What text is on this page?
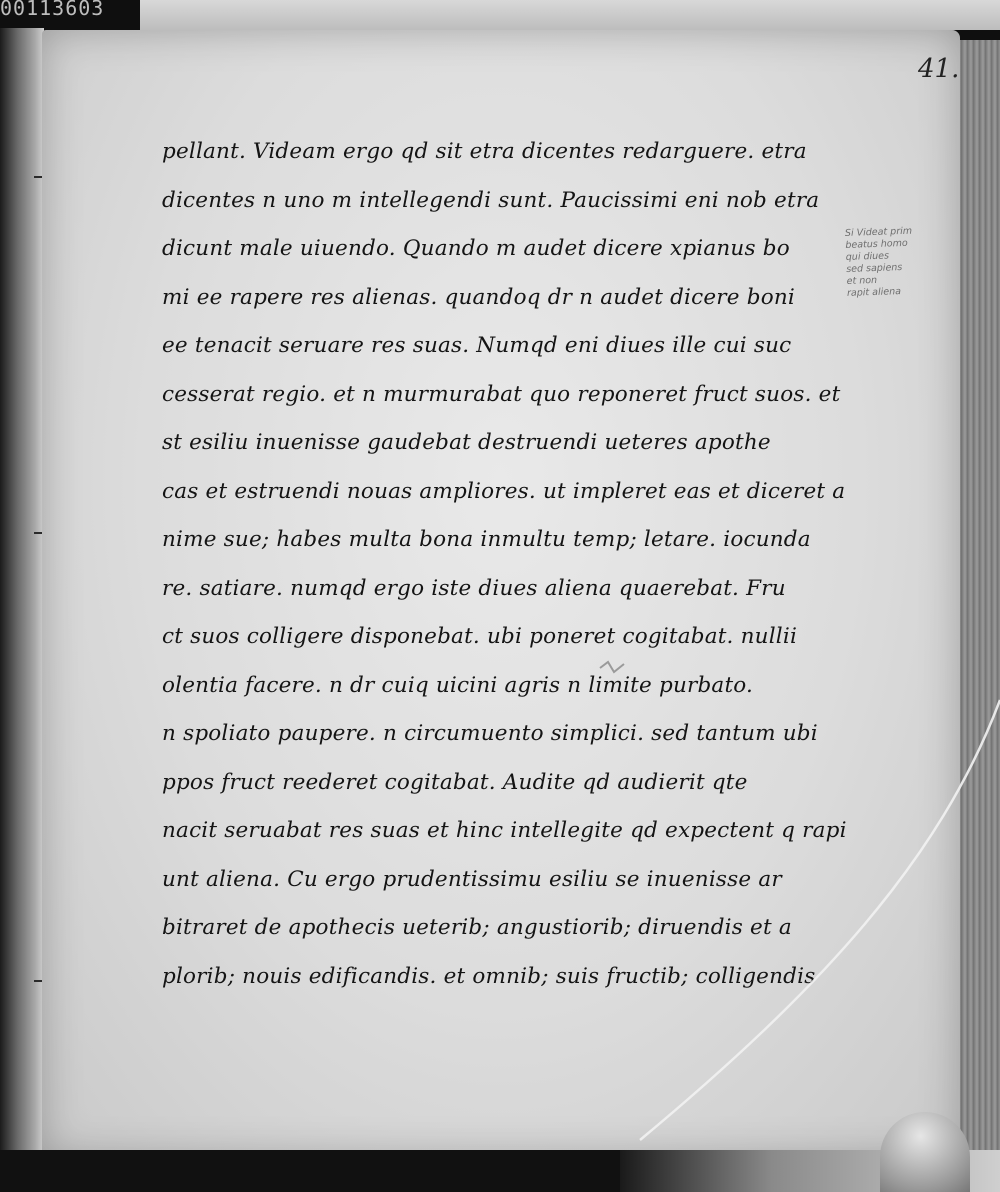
00113603
41.
pellant. Videam ergo qd sit etra dicentes redarguere. etra
dicentes n uno m intellegendi sunt. Paucissimi eni nob etra
dicunt male uiuendo. Quando m audet dicere xpianus bo
mi ee rapere res alienas. quandoq dr n audet dicere boni
ee tenacit seruare res suas. Numqd eni diues ille cui suc
cesserat regio. et n murmurabat quo reponeret fruct suos. et
st esiliu inuenisse gaudebat destruendi ueteres apothe
cas et estruendi nouas ampliores. ut impleret eas et diceret a
nime sue; habes multa bona inmultu temp; letare. iocunda
re. satiare. numqd ergo iste diues aliena quaerebat. Fru
ct suos colligere disponebat. ubi poneret cogitabat. nullii
olentia facere. n dr cuiq uicini agris n limite purbato.
n spoliato paupere. n circumuento simplici. sed tantum ubi
ppos fruct reederet cogitabat. Audite qd audierit qte
nacit seruabat res suas et hinc intellegite qd expectent q rapi
unt aliena. Cu ergo prudentissimu esiliu se inuenisse ar
bitraret de apothecis ueterib; angustiorib; diruendis et a
plorib; nouis edificandis. et omnib; suis fructib; colligendis
Si Videat prim
beatus homo
qui diues
sed sapiens
et non
rapit aliena
